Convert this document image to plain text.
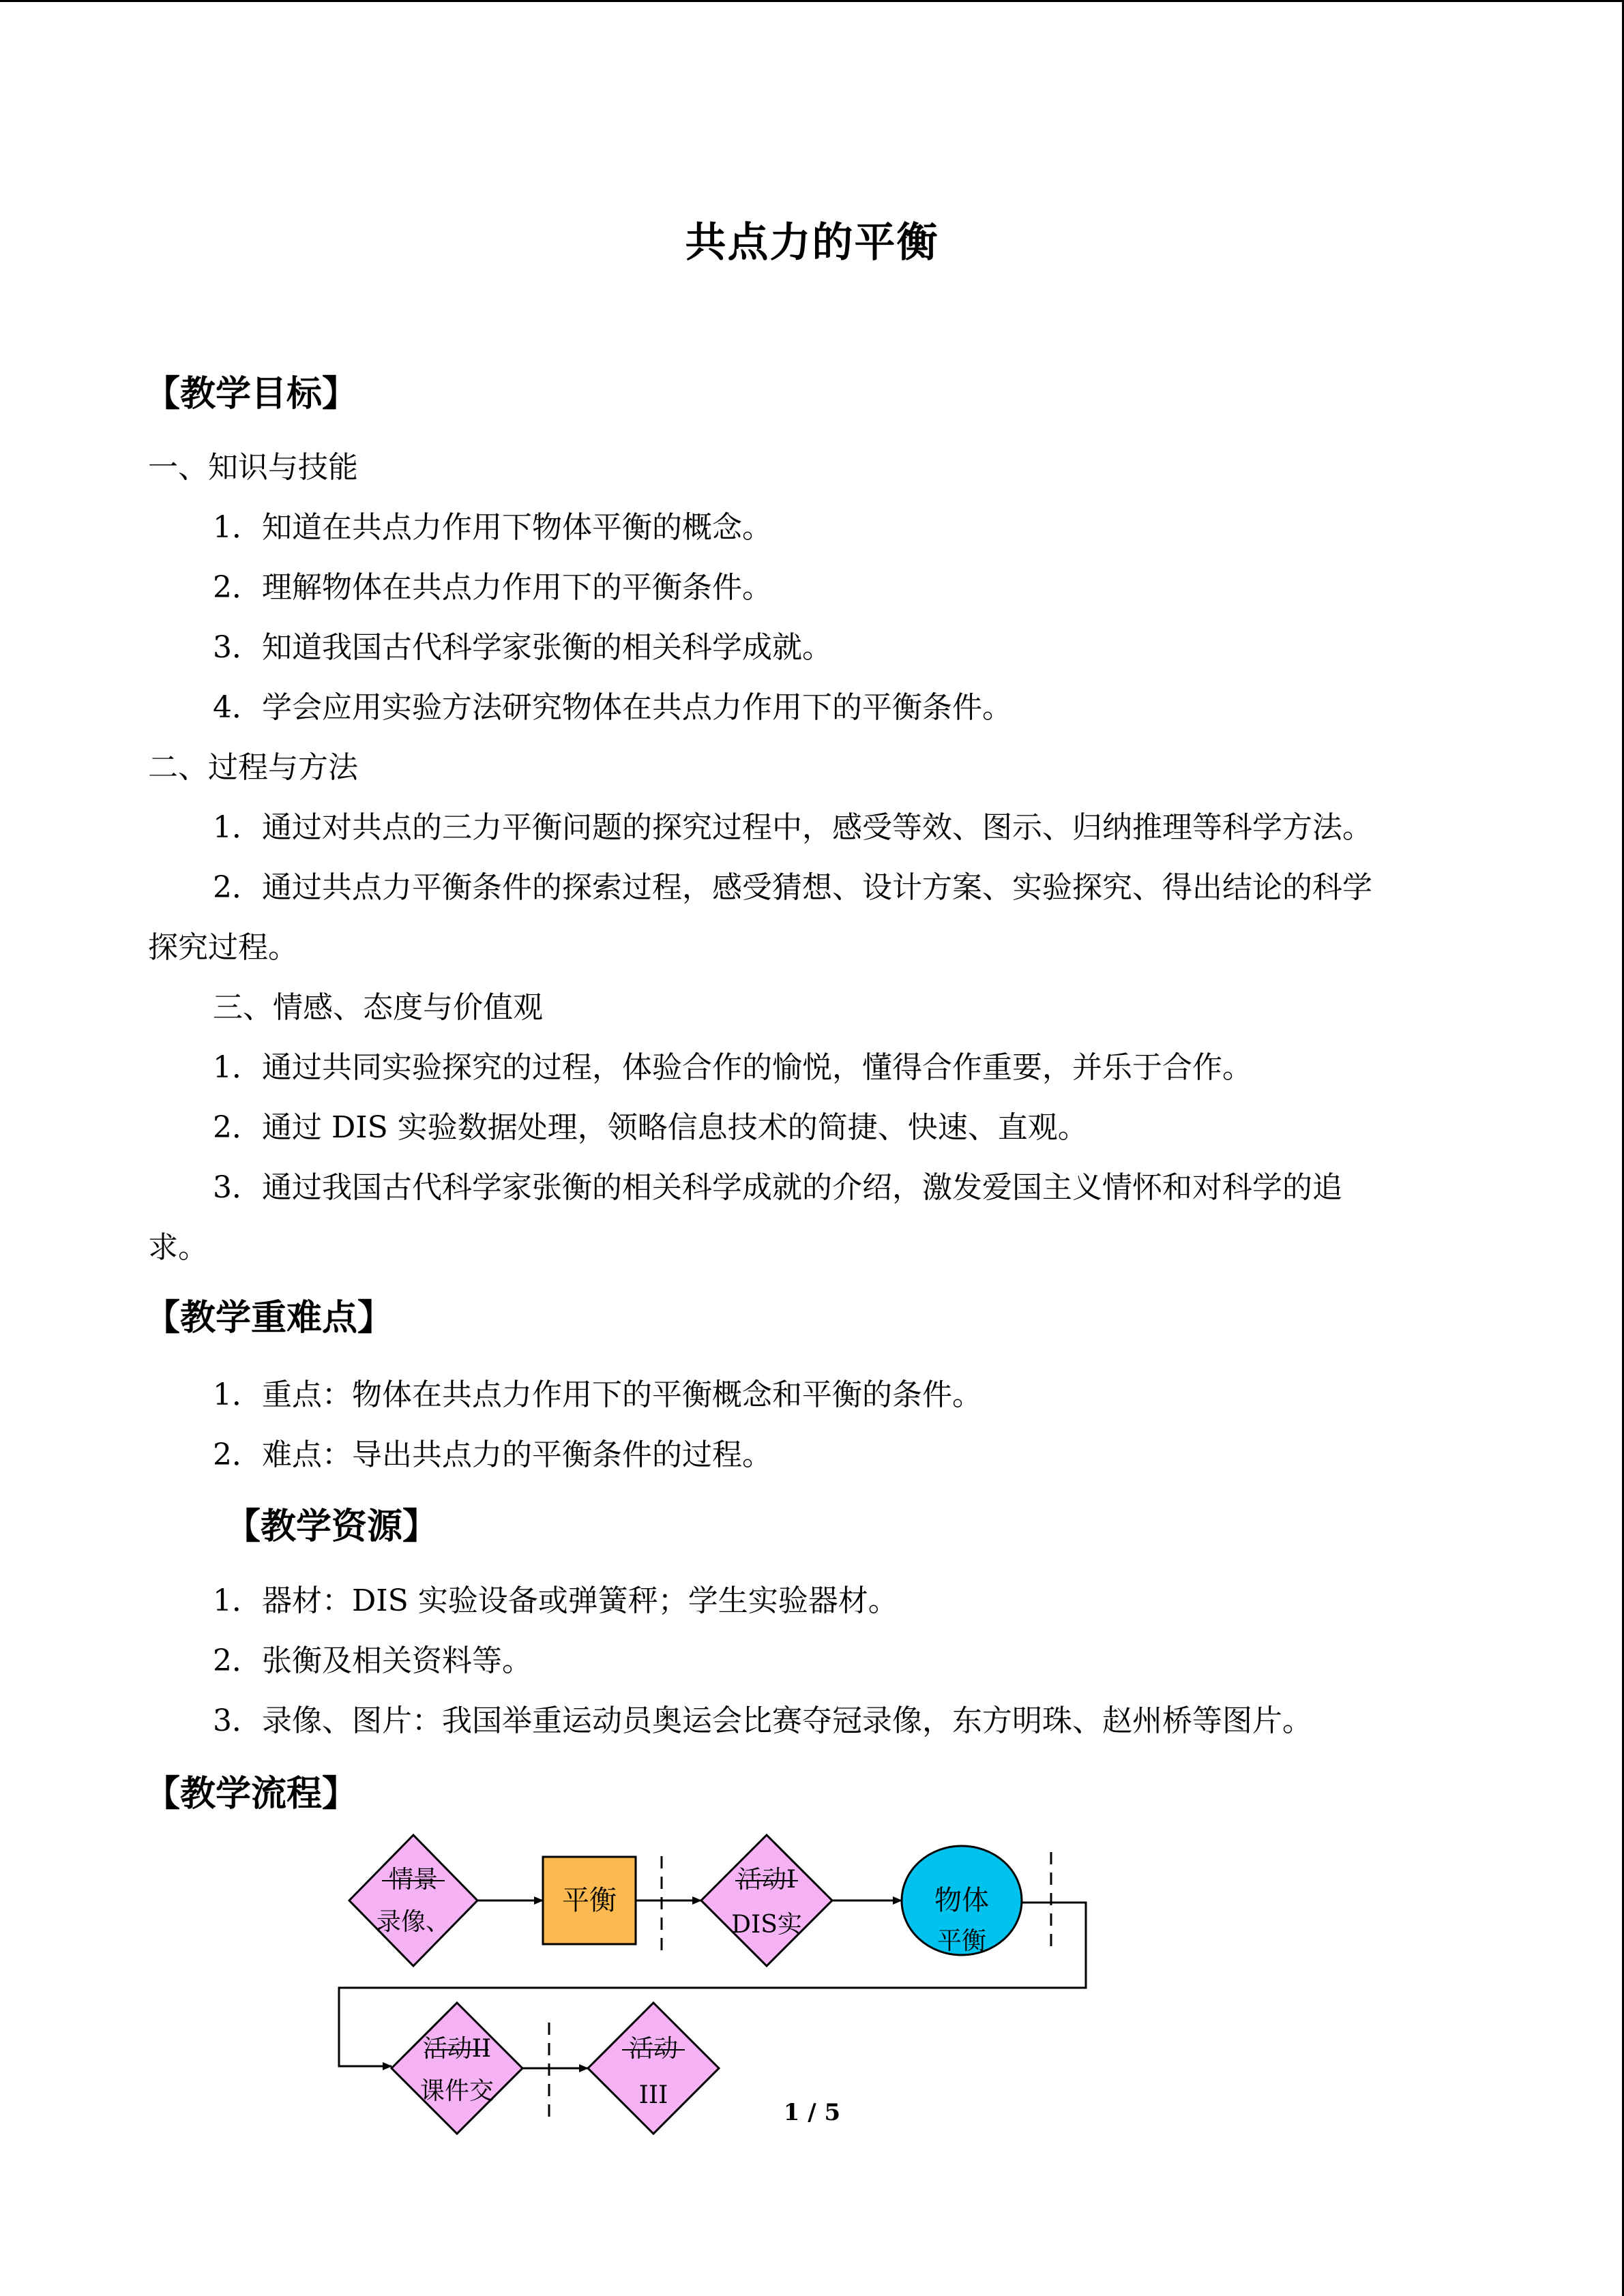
共点力的平衡
【教学目标】
一、知识与技能
1．知道在共点力作用下物体平衡的概念。
2．理解物体在共点力作用下的平衡条件。
3．知道我国古代科学家张衡的相关科学成就。
4．学会应用实验方法研究物体在共点力作用下的平衡条件。
二、过程与方法
1．通过对共点的三力平衡问题的探究过程中，感受等效、图示、归纳推理等科学方法。
2．通过共点力平衡条件的探索过程，感受猜想、设计方案、实验探究、得出结论的科学
探究过程。
三、情感、态度与价值观
1．通过共同实验探究的过程，体验合作的愉悦，懂得合作重要，并乐于合作。
2．通过 DIS 实验数据处理，领略信息技术的简捷、快速、直观。
3．通过我国古代科学家张衡的相关科学成就的介绍，激发爱国主义情怀和对科学的追
求。
【教学重难点】
1．重点：物体在共点力作用下的平衡概念和平衡的条件。
2．难点：导出共点力的平衡条件的过程。
【教学资源】
1．器材：DIS 实验设备或弹簧秤；学生实验器材。
2．张衡及相关资料等。
3．录像、图片：我国举重运动员奥运会比赛夺冠录像，东方明珠、赵州桥等图片。
【教学流程】
情景
录像、
平衡
活动I
DIS实
物体
平衡
活动II
课件交
活动
III
1 / 5
